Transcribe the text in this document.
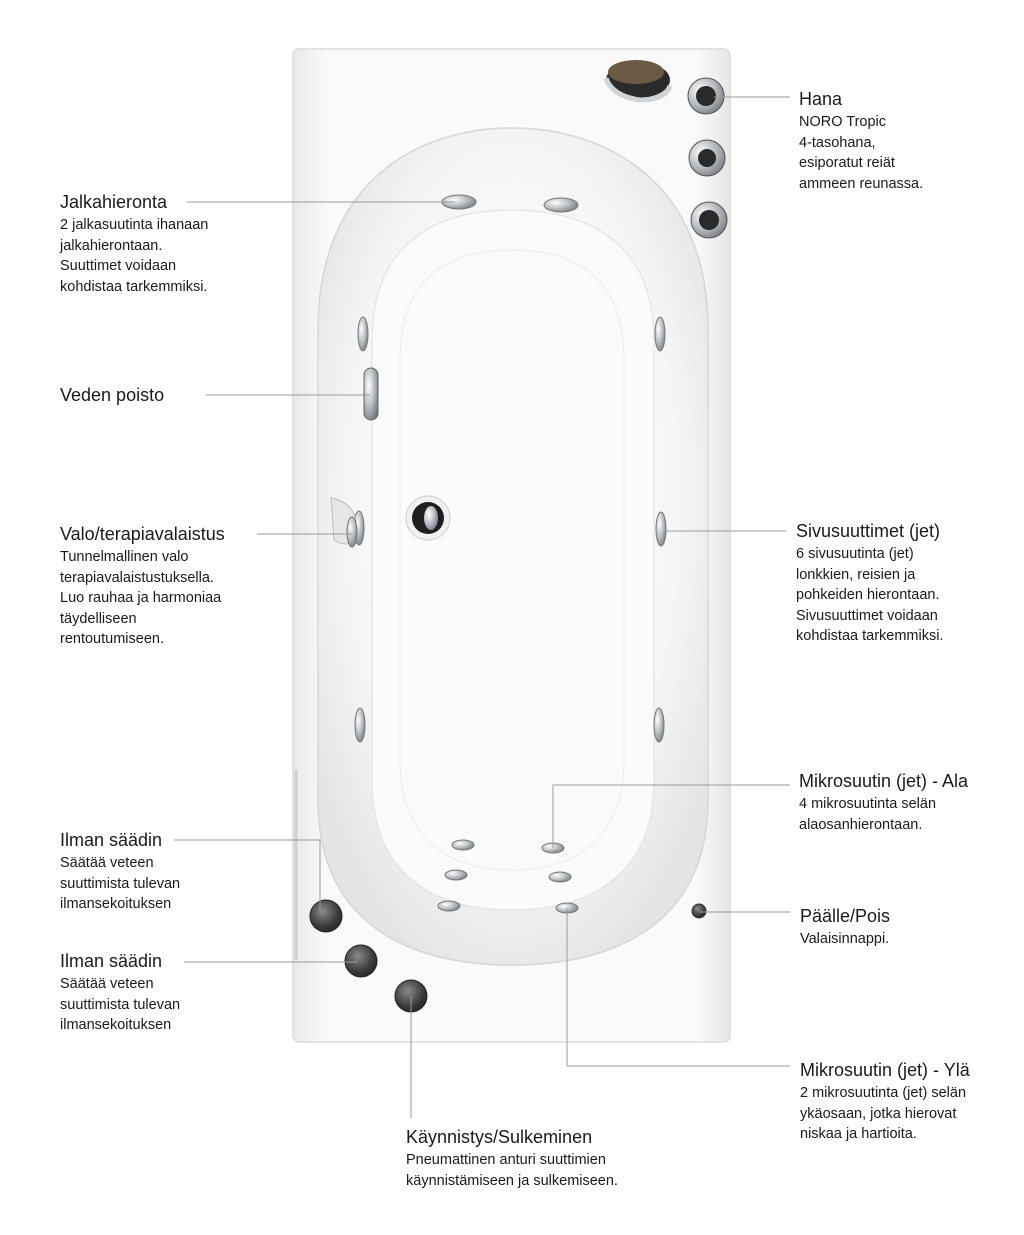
Hana
NORO Tropic
4-tasohana,
esiporatut reiät
ammeen reunassa.
Jalkahieronta
2 jalkasuutinta ihanaan
jalkahierontaan.
Suuttimet voidaan
kohdistaa tarkemmiksi.
Veden poisto
Valo/terapiavalaistus
Tunnelmallinen valo
terapiavalaistustuksella.
Luo rauhaa ja harmoniaa
täydelliseen
rentoutumiseen.
Sivusuuttimet (jet)
6 sivusuutinta (jet)
lonkkien, reisien ja
pohkeiden hierontaan.
Sivusuuttimet voidaan
kohdistaa tarkemmiksi.
Mikrosuutin (jet) - Ala
4 mikrosuutinta selän
alaosanhierontaan.
Ilman säädin
Säätää veteen
suuttimista tulevan
ilmansekoituksen
Päälle/Pois
Valaisinnappi.
Ilman säädin
Säätää veteen
suuttimista tulevan
ilmansekoituksen
Mikrosuutin (jet) - Ylä
2 mikrosuutinta (jet) selän
ykäosaan, jotka hierovat
niskaa ja hartioita.
Käynnistys/Sulkeminen
Pneumattinen anturi suuttimien
käynnistämiseen ja sulkemiseen.
